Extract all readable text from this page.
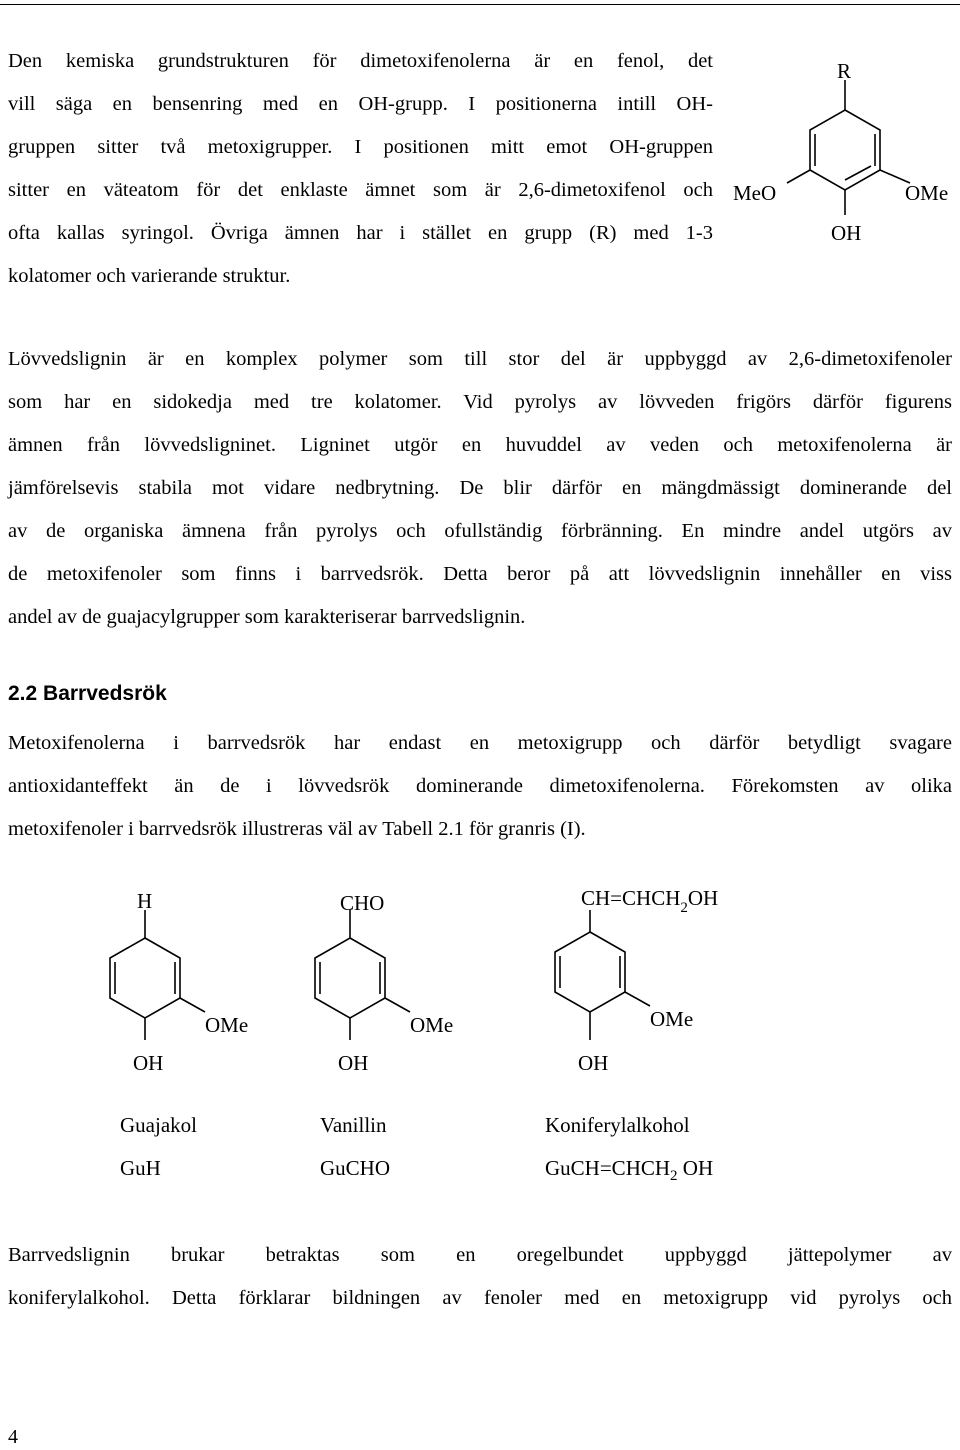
Den kemiska grundstrukturen för dimetoxifenolerna är en fenol, det
vill säga en bensenring med en OH-grupp. I positionerna intill OH-
gruppen sitter två metoxigrupper. I positionen mitt emot OH-gruppen
sitter en väteatom för det enklaste ämnet som är 2,6-dimetoxifenol och
ofta kallas syringol. Övriga ämnen har i stället en grupp (R) med 1-3
kolatomer och varierande struktur.
R
MeO	OMe
OH
Lövvedslignin är en komplex polymer som till stor del är uppbyggd av 2,6-dimetoxifenoler
som har en sidokedja med tre kolatomer. Vid pyrolys av lövveden frigörs därför figurens
ämnen från lövvedsligninet. Ligninet utgör en huvuddel av veden och metoxifenolerna är
jämförelsevis stabila mot vidare nedbrytning. De blir därför en mängdmässigt dominerande del
av de organiska ämnena från pyrolys och ofullständig förbränning. En mindre andel utgörs av
de metoxifenoler som finns i barrvedsrök. Detta beror på att lövvedslignin innehåller en viss
andel av de guajacylgrupper som karakteriserar barrvedslignin.
2.2 Barrvedsrök
Metoxifenolerna i barrvedsrök har endast en metoxigrupp och därför betydligt svagare
antioxidanteffekt än de i lövvedsrök dominerande dimetoxifenolerna. Förekomsten av olika
metoxifenoler i barrvedsrök illustreras väl av Tabell 2.1 för granris (I).
H
OMe
OH
CHO
OMe
OH
$CH=CHCH_2OH$
OMe
OH
Guajakol	Vanillin	Koniferylalkohol
GuH	GuCHO	$GuCH=CHCH_2$ OH
Barrvedslignin brukar betraktas som en oregelbundet uppbyggd jättepolymer av
koniferylalkohol. Detta förklarar bildningen av fenoler med en metoxigrupp vid pyrolys och
4
